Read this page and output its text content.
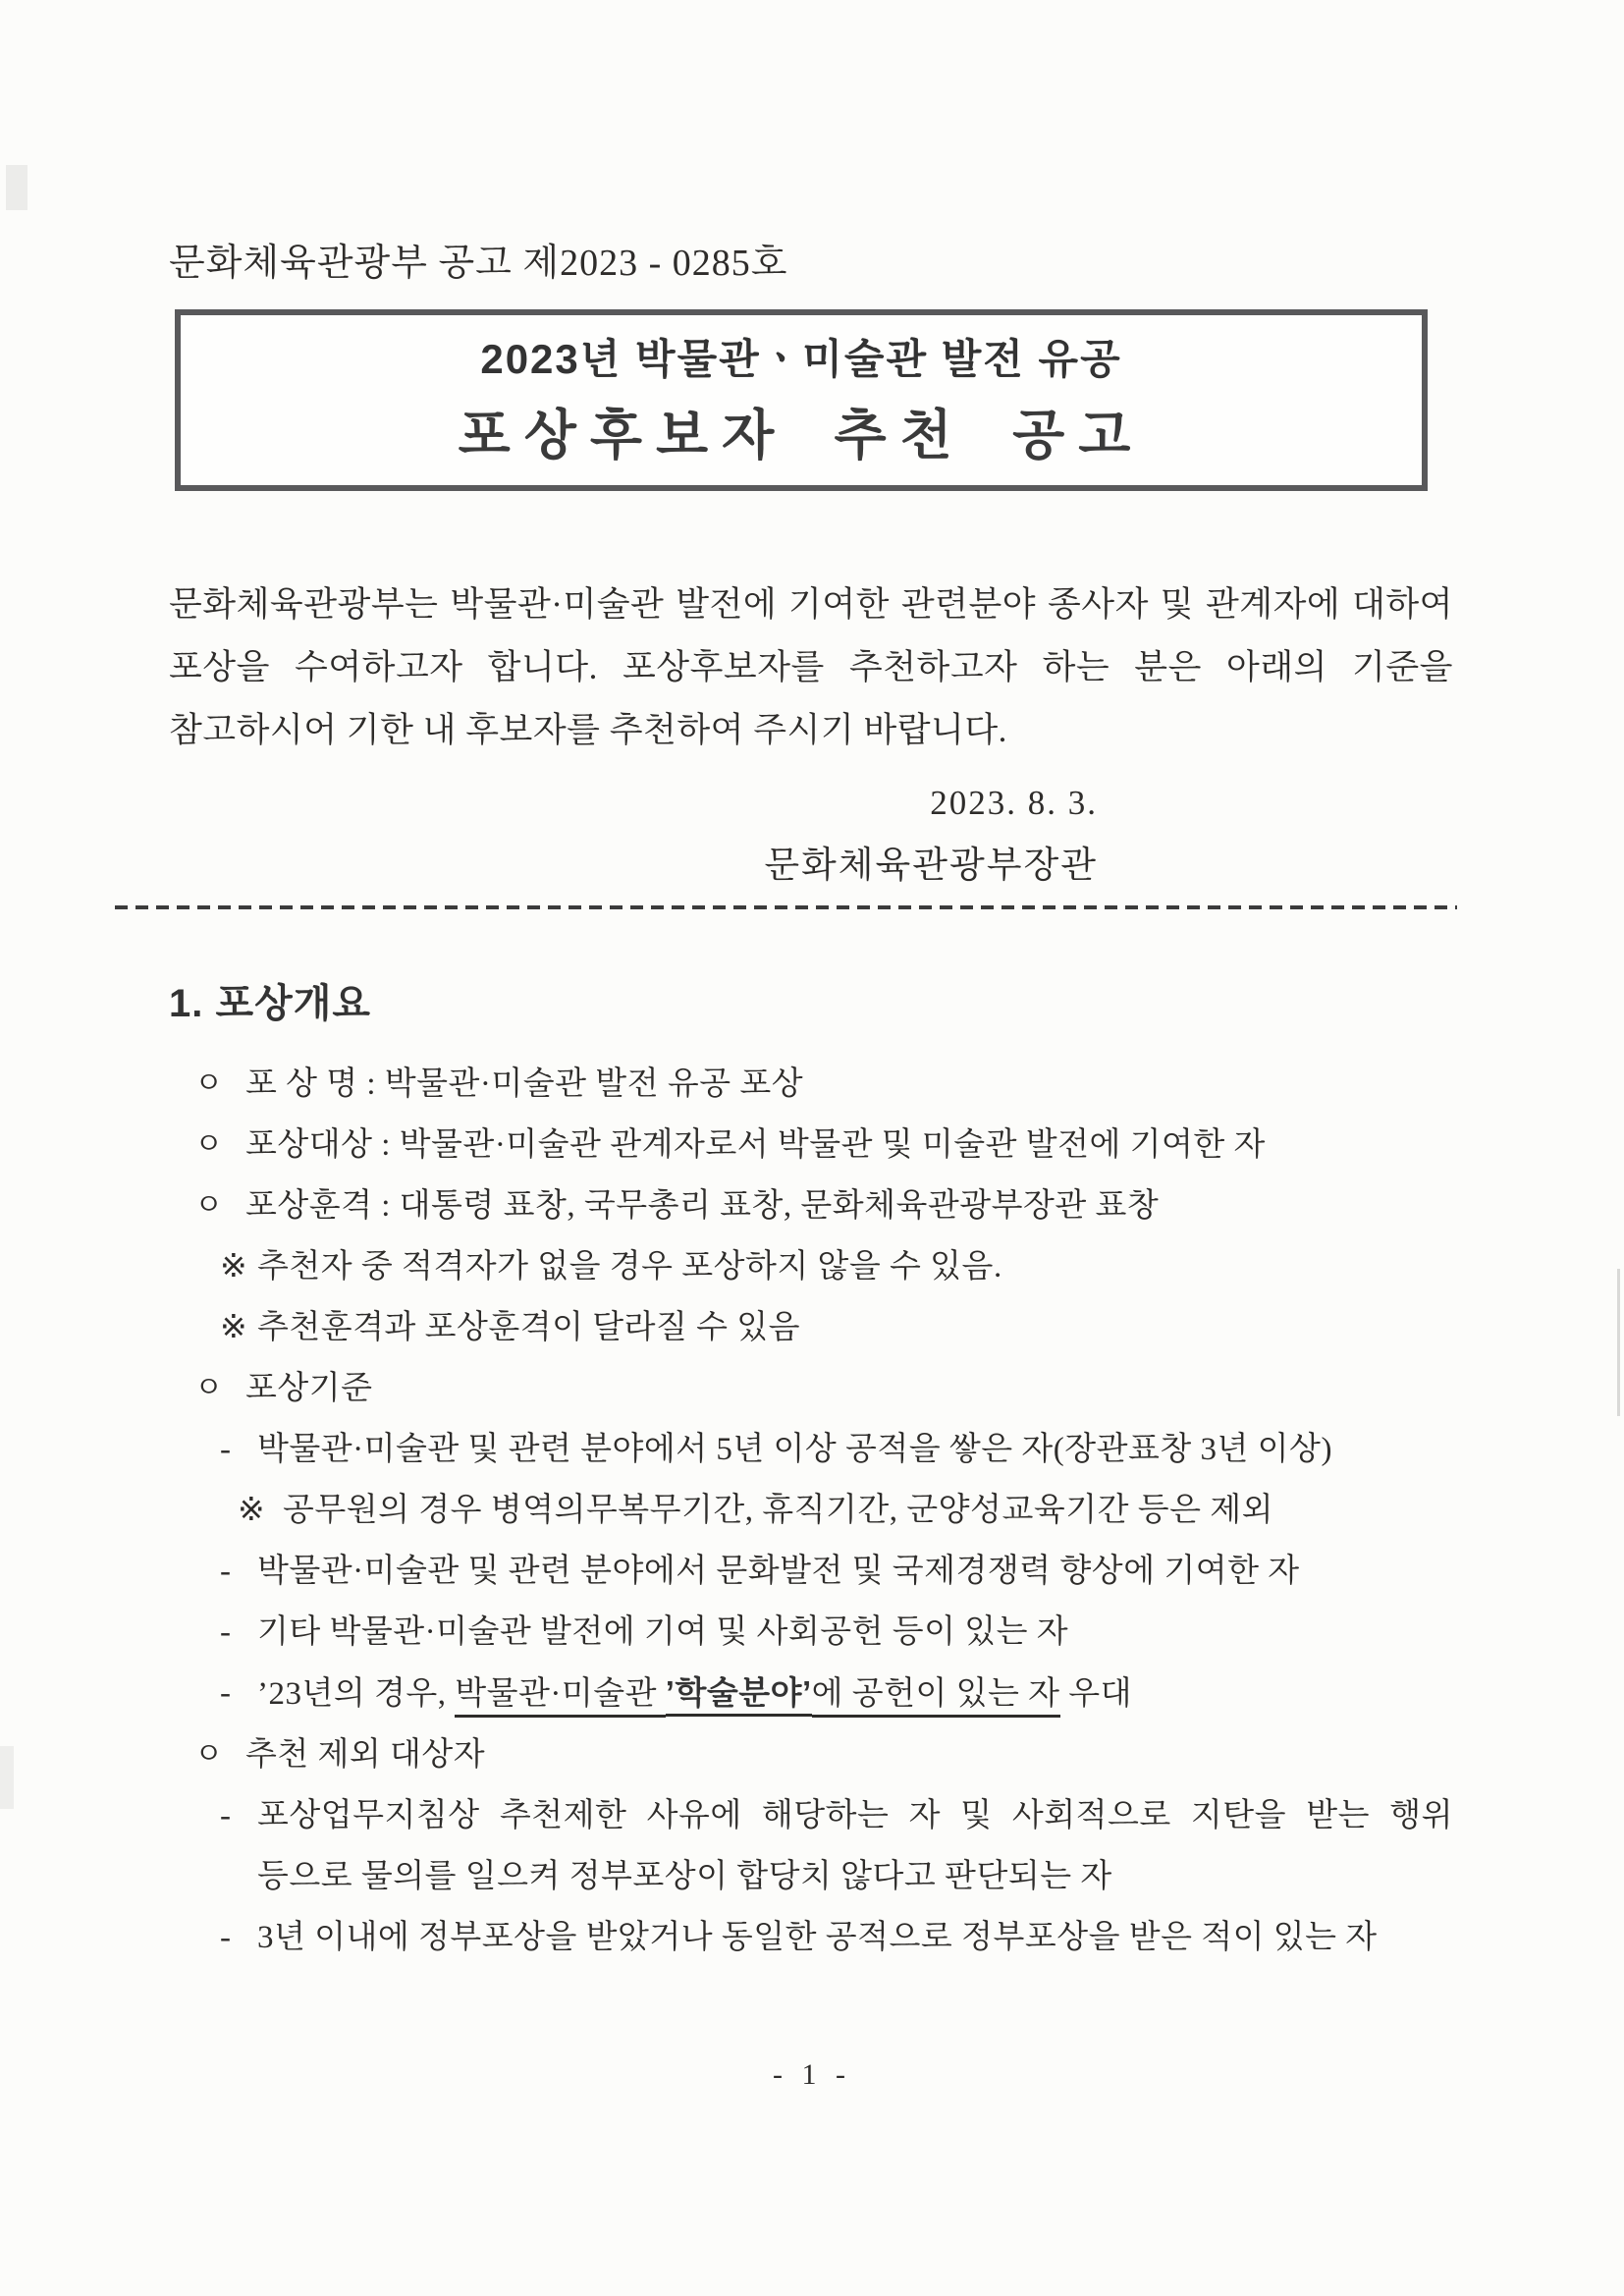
문화체육관광부 공고 제2023 - 0285호
2023년 박물관ㆍ미술관 발전 유공
포상후보자 추천 공고
문화체육관광부는 박물관·미술관 발전에 기여한 관련분야 종사자 및 관계자에 대하여 포상을 수여하고자 합니다. 포상후보자를 추천하고자 하는 분은 아래의 기준을 참고하시어 기한 내 후보자를 추천하여 주시기 바랍니다.
2023. 8. 3.
문화체육관광부장관
1. 포상개요
ㅇ 포 상 명 : 박물관·미술관 발전 유공 포상
ㅇ 포상대상 : 박물관·미술관 관계자로서 박물관 및 미술관 발전에 기여한 자
ㅇ 포상훈격 : 대통령 표창, 국무총리 표창, 문화체육관광부장관 표창
※ 추천자 중 적격자가 없을 경우 포상하지 않을 수 있음.
※ 추천훈격과 포상훈격이 달라질 수 있음
ㅇ 포상기준
- 박물관·미술관 및 관련 분야에서 5년 이상 공적을 쌓은 자(장관표창 3년 이상)
※ 공무원의 경우 병역의무복무기간, 휴직기간, 군양성교육기간 등은 제외
- 박물관·미술관 및 관련 분야에서 문화발전 및 국제경쟁력 향상에 기여한 자
- 기타 박물관·미술관 발전에 기여 및 사회공헌 등이 있는 자
- ’23년의 경우, 박물관·미술관 ’학술분야’에 공헌이 있는 자 우대
ㅇ 추천 제외 대상자
- 포상업무지침상 추천제한 사유에 해당하는 자 및 사회적으로 지탄을 받는 행위 등으로 물의를 일으켜 정부포상이 합당치 않다고 판단되는 자
- 3년 이내에 정부포상을 받았거나 동일한 공적으로 정부포상을 받은 적이 있는 자
- 1 -
